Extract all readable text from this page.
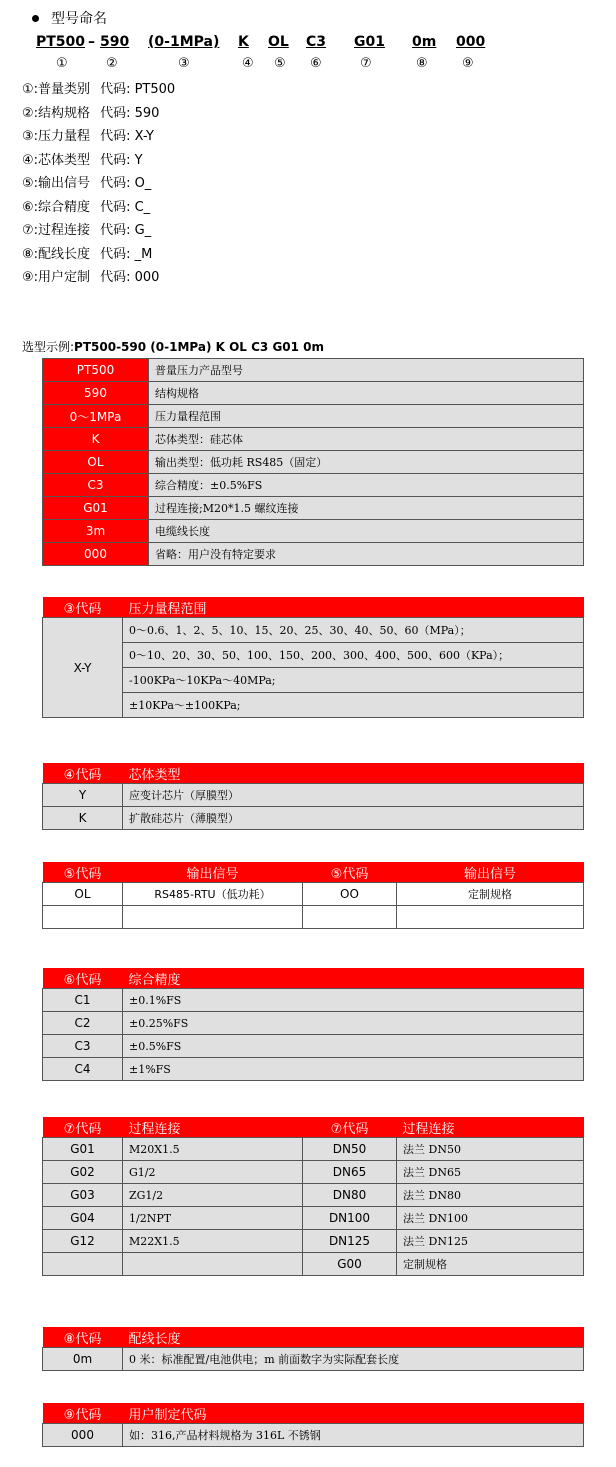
型号命名
PT500 – 590 (0-1MPa) K OL C3 G01 0m 000
①	②	③	④ ⑤ ⑥	⑦	⑧	⑨
①:普量类别 代码: PT500
②:结构规格 代码: 590
③:压力量程 代码: X-Y
④:芯体类型 代码: Y
⑤:输出信号 代码: O_
⑥:综合精度 代码: C_
⑦:过程连接 代码: G_
⑧:配线长度 代码: _M
⑨:用户定制 代码: 000
选型示例:PT500-590 (0-1MPa) K OL C3 G01 0m
PT500	普量压力产品型号
590	结构规格
0～1MPa	压力量程范围
K	芯体类型：硅芯体
OL	输出类型：低功耗 RS485（固定）
C3	综合精度：±0.5%FS
G01	过程连接;M20*1.5 螺纹连接
3m	电缆线长度
000	省略：用户没有特定要求
③代码	压力量程范围
X-Y	0～0.6、1、2、5、10、15、20、25、30、40、50、60（MPa）；
	0～10、20、30、50、100、150、200、300、400、500、600（KPa）；
	-100KPa～10KPa～40MPa;
	±10KPa～±100KPa;
④代码	芯体类型
Y	应变计芯片（厚膜型）
K	扩散硅芯片（薄膜型）
⑤代码	输出信号	⑤代码	输出信号
OL	RS485-RTU（低功耗）	OO	定制规格

⑥代码	综合精度
C1	±0.1%FS
C2	±0.25%FS
C3	±0.5%FS
C4	±1%FS
⑦代码	过程连接	⑦代码	过程连接
G01	M20X1.5	DN50	法兰 DN50
G02	G1/2	DN65	法兰 DN65
G03	ZG1/2	DN80	法兰 DN80
G04	1/2NPT	DN100	法兰 DN100
G12	M22X1.5	DN125	法兰 DN125
		G00	定制规格
⑧代码	配线长度
0m	0 米：标准配置/电池供电；m 前面数字为实际配套长度
⑨代码	用户制定代码
000	如：316,产品材料规格为 316L 不锈钢
